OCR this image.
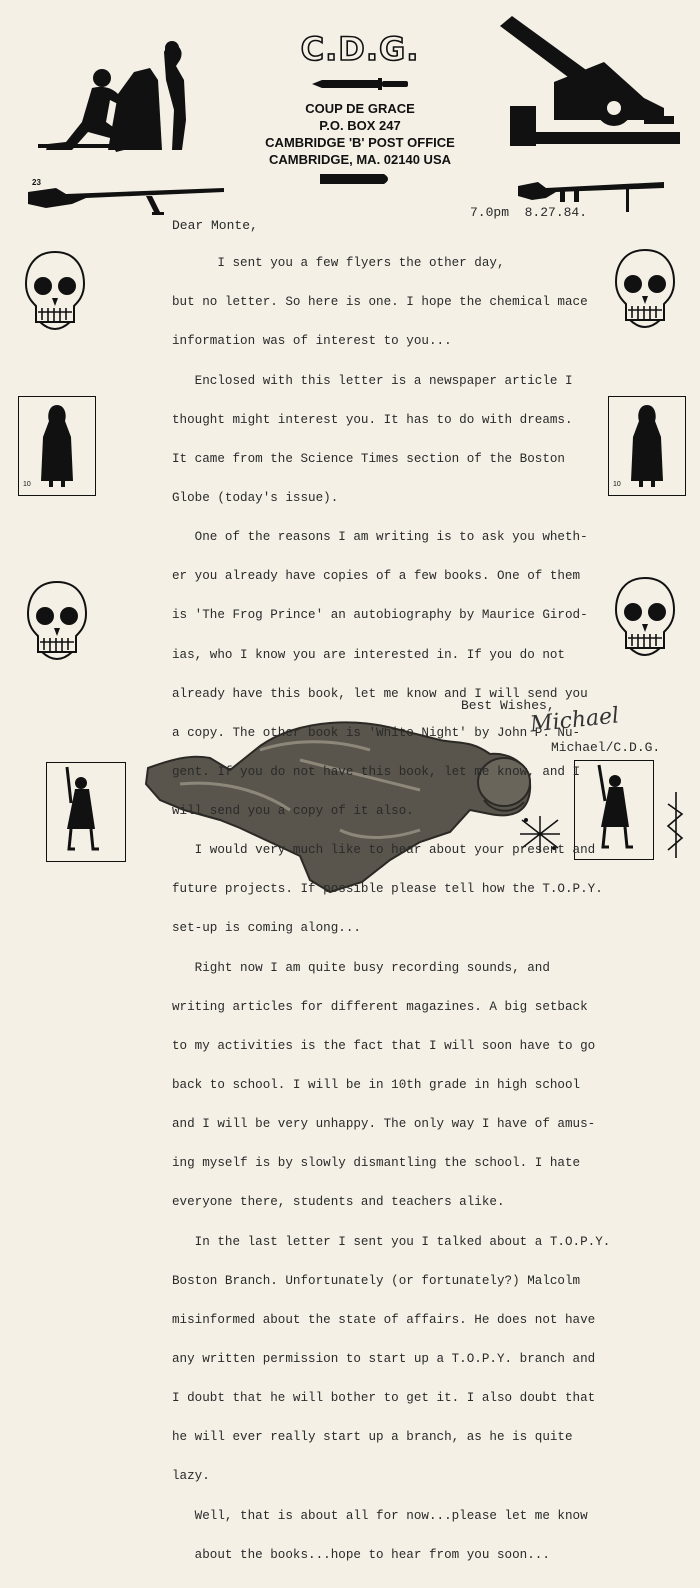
C.D.G.
COUP DE GRACE
P.O. BOX 247
CAMBRIDGE 'B' POST OFFICE
CAMBRIDGE, MA. 02140 USA
23
10	10
7.0pm  8.27.84.
Dear Monte,

I sent you a few flyers the other day,

but no letter. So here is one. I hope the chemical mace

information was of interest to you...

Enclosed with this letter is a newspaper article I

thought might interest you. It has to do with dreams.

It came from the Science Times section of the Boston

Globe (today's issue).

One of the reasons I am writing is to ask you wheth-

er you already have copies of a few books. One of them

is 'The Frog Prince' an autobiography by Maurice Girod-

ias, who I know you are interested in. If you do not

already have this book, let me know and I will send you

a copy. The other book is 'White Night' by John P. Nu-

gent. If you do not have this book, let me know, and I

will send you a copy of it also.

I would very much like to hear about your present and

future projects. If possible please tell how the T.O.P.Y.

set-up is coming along...

Right now I am quite busy recording sounds, and

writing articles for different magazines. A big setback

to my activities is the fact that I will soon have to go

back to school. I will be in 10th grade in high school

and I will be very unhappy. The only way I have of amus-

ing myself is by slowly dismantling the school. I hate

everyone there, students and teachers alike.

In the last letter I sent you I talked about a T.O.P.Y.

Boston Branch. Unfortunately (or fortunately?) Malcolm

misinformed about the state of affairs. He does not have

any written permission to start up a T.O.P.Y. branch and

I doubt that he will bother to get it. I also doubt that

he will ever really start up a branch, as he is quite

lazy.

Well, that is about all for now...please let me know

about the books...hope to hear from you soon...

Best Wishes,
Michael
Michael/C.D.G.
